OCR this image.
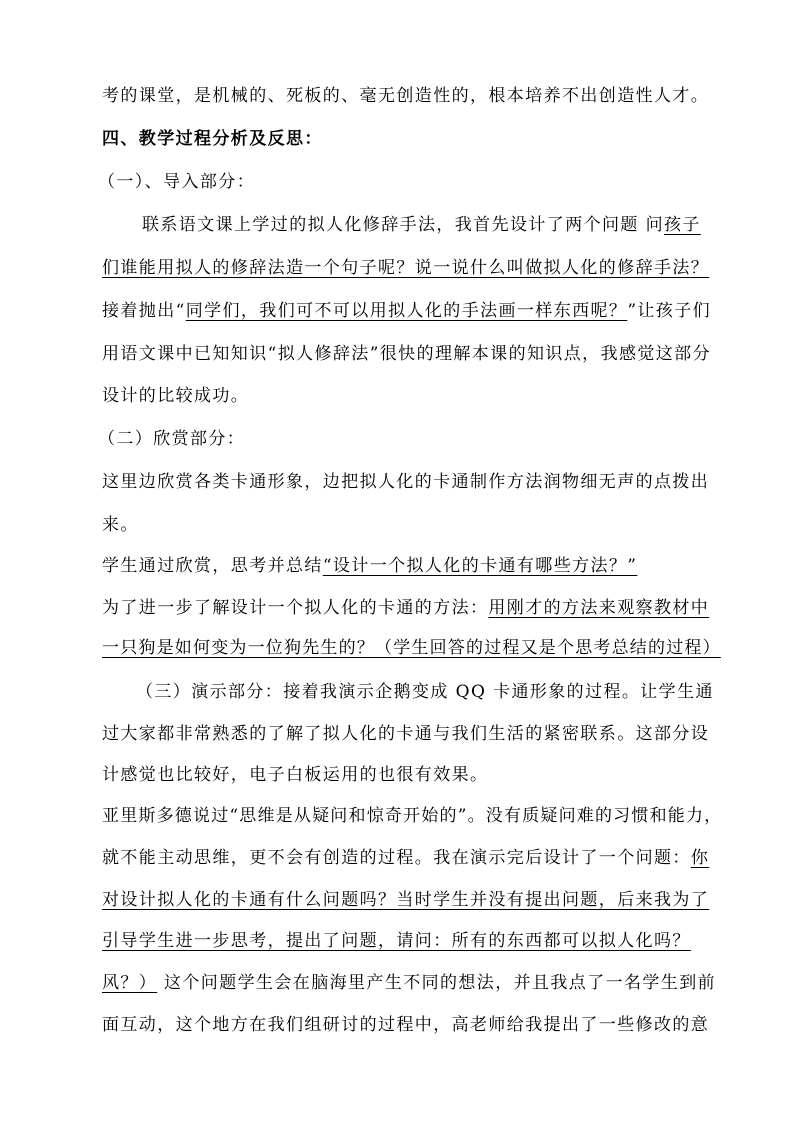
考的课堂，是机械的、死板的、毫无创造性的，根本培养不出创造性人才。
四、教学过程分析及反思：
（一）、导入部分：
联系语文课上学过的拟人化修辞手法，我首先设计了两个问题 问孩子
们谁能用拟人的修辞法造一个句子呢？说一说什么叫做拟人化的修辞手法？
接着抛出“同学们，我们可不可以用拟人化的手法画一样东西呢？”让孩子们
用语文课中已知知识“拟人修辞法”很快的理解本课的知识点，我感觉这部分
设计的比较成功。
（二）欣赏部分：
这里边欣赏各类卡通形象，边把拟人化的卡通制作方法润物细无声的点拨出
来。
学生通过欣赏，思考并总结“设计一个拟人化的卡通有哪些方法？”
为了进一步了解设计一个拟人化的卡通的方法：用刚才的方法来观察教材中
一只狗是如何变为一位狗先生的？（学生回答的过程又是个思考总结的过程）
（三）演示部分：接着我演示企鹅变成 QQ 卡通形象的过程。让学生通
过大家都非常熟悉的了解了拟人化的卡通与我们生活的紧密联系。这部分设
计感觉也比较好，电子白板运用的也很有效果。
亚里斯多德说过“思维是从疑问和惊奇开始的”。没有质疑问难的习惯和能力，
就不能主动思维，更不会有创造的过程。我在演示完后设计了一个问题：你
对设计拟人化的卡通有什么问题吗？当时学生并没有提出问题，后来我为了
引导学生进一步思考，提出了问题，请问：所有的东西都可以拟人化吗？
风？） 这个问题学生会在脑海里产生不同的想法，并且我点了一名学生到前
面互动，这个地方在我们组研讨的过程中，高老师给我提出了一些修改的意
